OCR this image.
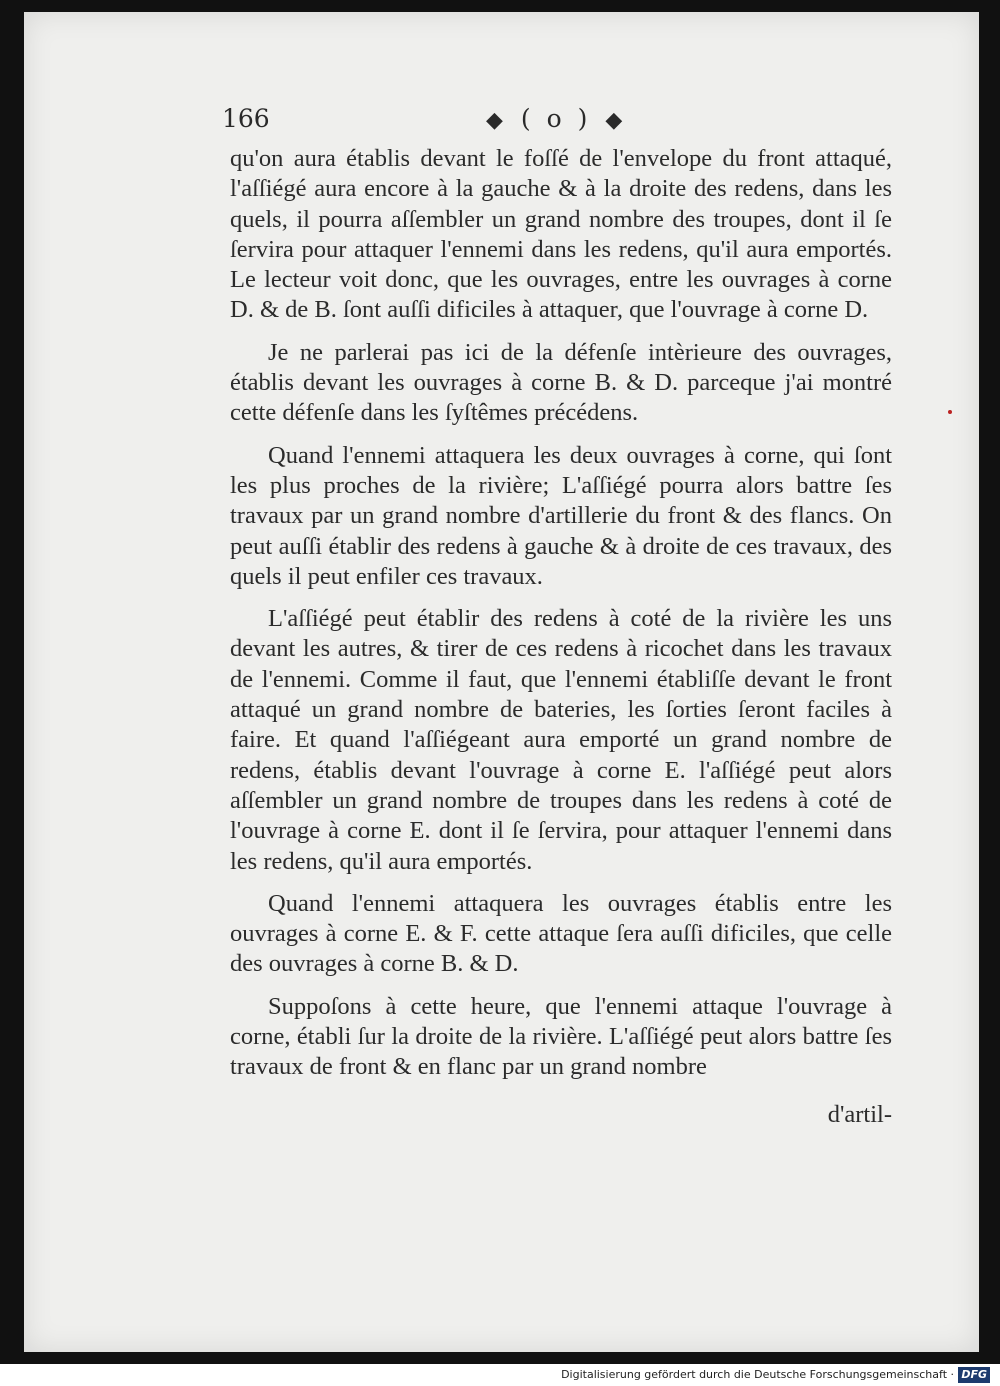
166	◆ ( o ) ◆

qu'on aura établis devant le foſſé de l'envelope du front attaqué, l'aſſiégé aura encore à la gauche & à la droite des redens, dans les quels, il pourra aſſembler un grand nombre des troupes, dont il ſe ſervira pour attaquer l'ennemi dans les redens, qu'il aura emportés. Le lecteur voit donc, que les ouvrages, entre les ouvrages à corne D. & de B. ſont auſſi dificiles à attaquer, que l'ouvrage à corne D.

Je ne parlerai pas ici de la défenſe intèrieure des ouvrages, établis devant les ouvrages à corne B. & D. parceque j'ai montré cette défenſe dans les ſyſtêmes précédens.

Quand l'ennemi attaquera les deux ouvrages à corne, qui ſont les plus proches de la rivière; L'aſſiégé pourra alors battre ſes travaux par un grand nombre d'artillerie du front & des flancs. On peut auſſi établir des redens à gauche & à droite de ces travaux, des quels il peut enfiler ces travaux.

L'aſſiégé peut établir des redens à coté de la rivière les uns devant les autres, & tirer de ces redens à ricochet dans les travaux de l'ennemi. Comme il faut, que l'ennemi établiſſe devant le front attaqué un grand nombre de bateries, les ſorties ſeront faciles à faire. Et quand l'aſſiégeant aura emporté un grand nombre de redens, établis devant l'ouvrage à corne E. l'aſſiégé peut alors aſſembler un grand nombre de troupes dans les redens à coté de l'ouvrage à corne E. dont il ſe ſervira, pour attaquer l'ennemi dans les redens, qu'il aura emportés.

Quand l'ennemi attaquera les ouvrages établis entre les ouvrages à corne E. & F. cette attaque ſera auſſi dificiles, que celle des ouvrages à corne B. & D.

Suppoſons à cette heure, que l'ennemi attaque l'ouvrage à corne, établi ſur la droite de la rivière. L'aſſiégé peut alors battre ſes travaux de front & en flanc par un grand nombre

d'artil-
Digitalisierung gefördert durch die Deutsche Forschungsgemeinschaft · DFG
